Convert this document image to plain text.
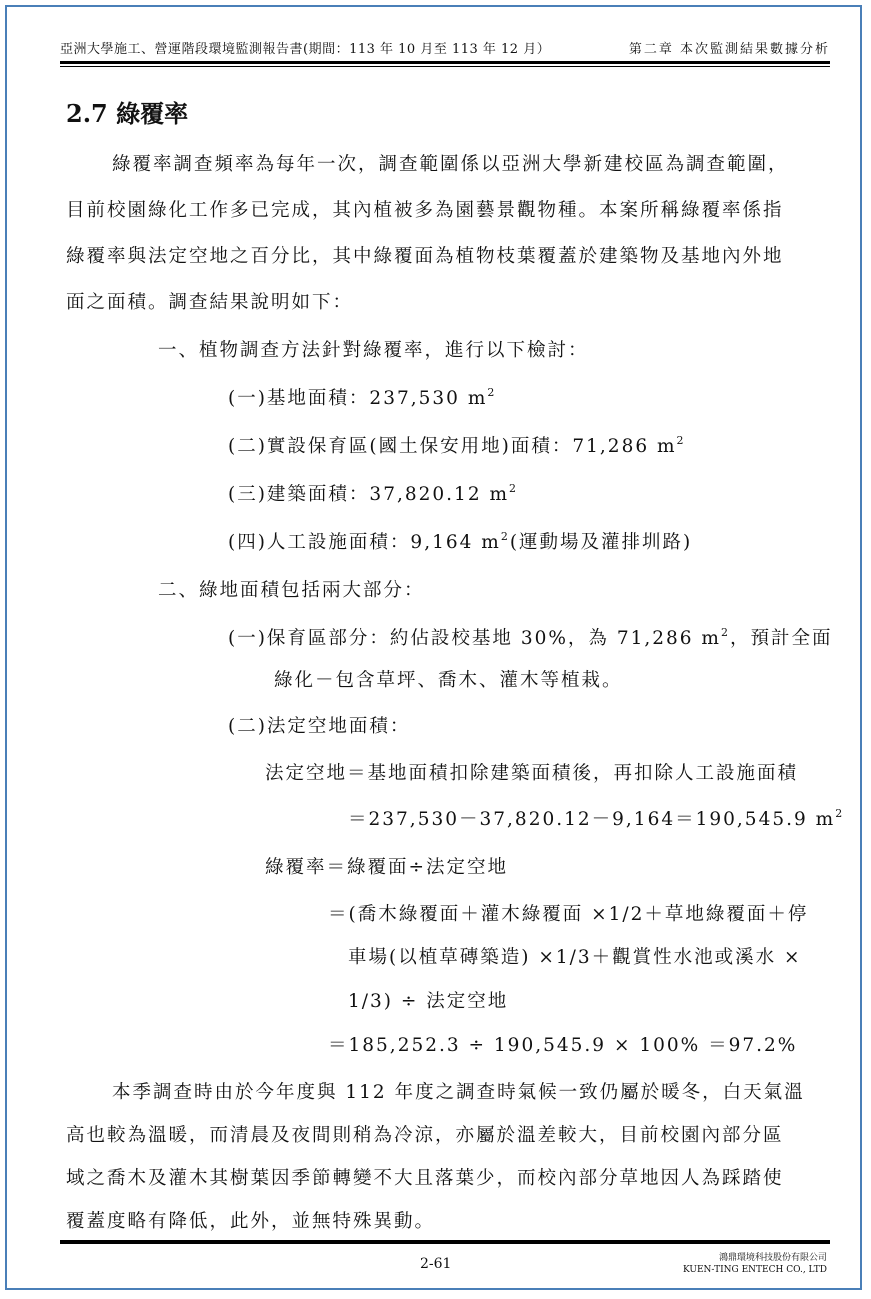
亞洲大學施工、營運階段環境監測報告書(期間：113 年 10 月至 113 年 12 月）	第二章 本次監測結果數據分析
2.7 綠覆率
綠覆率調查頻率為每年一次，調查範圍係以亞洲大學新建校區為調查範圍，
目前校園綠化工作多已完成，其內植被多為園藝景觀物種。本案所稱綠覆率係指
綠覆率與法定空地之百分比，其中綠覆面為植物枝葉覆蓋於建築物及基地內外地
面之面積。調查結果說明如下：
一、植物調查方法針對綠覆率，進行以下檢討：
(一)基地面積：237,530 $m^2$
(二)實設保育區(國土保安用地)面積：71,286 $m^2$
(三)建築面積：37,820.12 $m^2$
(四)人工設施面積：9,164 $m^2$(運動場及灌排圳路)
二、綠地面積包括兩大部分：
(一)保育區部分：約佔設校基地 30%，為 71,286 $m^2$，預計全面
綠化－包含草坪、喬木、灌木等植栽。
(二)法定空地面積：
法定空地＝基地面積扣除建築面積後，再扣除人工設施面積
＝237,530－37,820.12－9,164＝190,545.9 $m^2$
綠覆率＝綠覆面÷法定空地
＝(喬木綠覆面＋灌木綠覆面 ×1/2＋草地綠覆面＋停
車場(以植草磚築造) ×1/3＋觀賞性水池或溪水 ×
1/3) ÷ 法定空地
＝185,252.3 ÷ 190,545.9 × 100% ＝97.2%
本季調查時由於今年度與 112 年度之調查時氣候一致仍屬於暖冬，白天氣溫
高也較為溫暖，而清晨及夜間則稍為冷涼，亦屬於溫差較大，目前校園內部分區
域之喬木及灌木其樹葉因季節轉變不大且落葉少，而校內部分草地因人為踩踏使
覆蓋度略有降低，此外，並無特殊異動。
2-61	鴻鼎環境科技股份有限公司
KUEN-TING ENTECH CO., LTD
